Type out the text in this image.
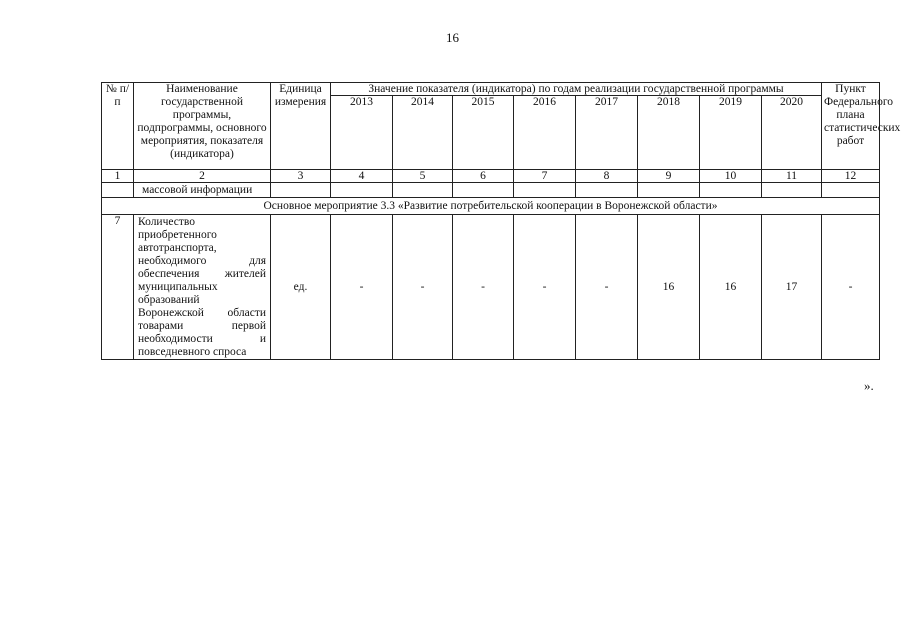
16
№ п/п	Наименование государственной программы, подпрограммы, основного мероприятия, показателя (индикатора)	Единица измерения	Значение показателя (индикатора) по годам реализации государственной программы								Пункт Федерального плана статистических работ
			2013	2014	2015	2016	2017	2018	2019	2020	
1	2	3	4	5	6	7	8	9	10	11	12
	массовой информации										
Основное мероприятие 3.3 «Развитие потребительской кооперации в Воронежской области»											
7	Количество приобретенного автотранспорта, необходимого для обеспечения жителей муниципальных образований Воронежской области товарами первой необходимости и повседневного спроса	ед.	-	-	-	-	-	16	16	17	-
».
